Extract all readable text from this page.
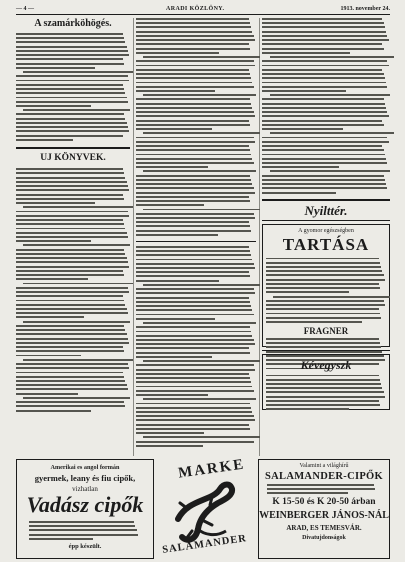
— 4 —	ARADI KÖZLÖNY.	1913. november 24.
A szamárköhögés.
UJ KÖNYVEK.
Nyilttér.
A gyomor egészségben
TARTÁSA
FRAGNER
Kévegyszk
Amerikai es angol formán
gyermek, leany és fiu cipők,
vizhatlan
Vadász cipők
épp készült.
MARKE
SALAMANDER
Valamint a világhírű
SALAMANDER-CIPŐK
K 15-50 és K 20-50 árban
WEINBERGER JÁNOS-NÁL
ARAD, ES TEMESVÁR.
Divatujdonságok
